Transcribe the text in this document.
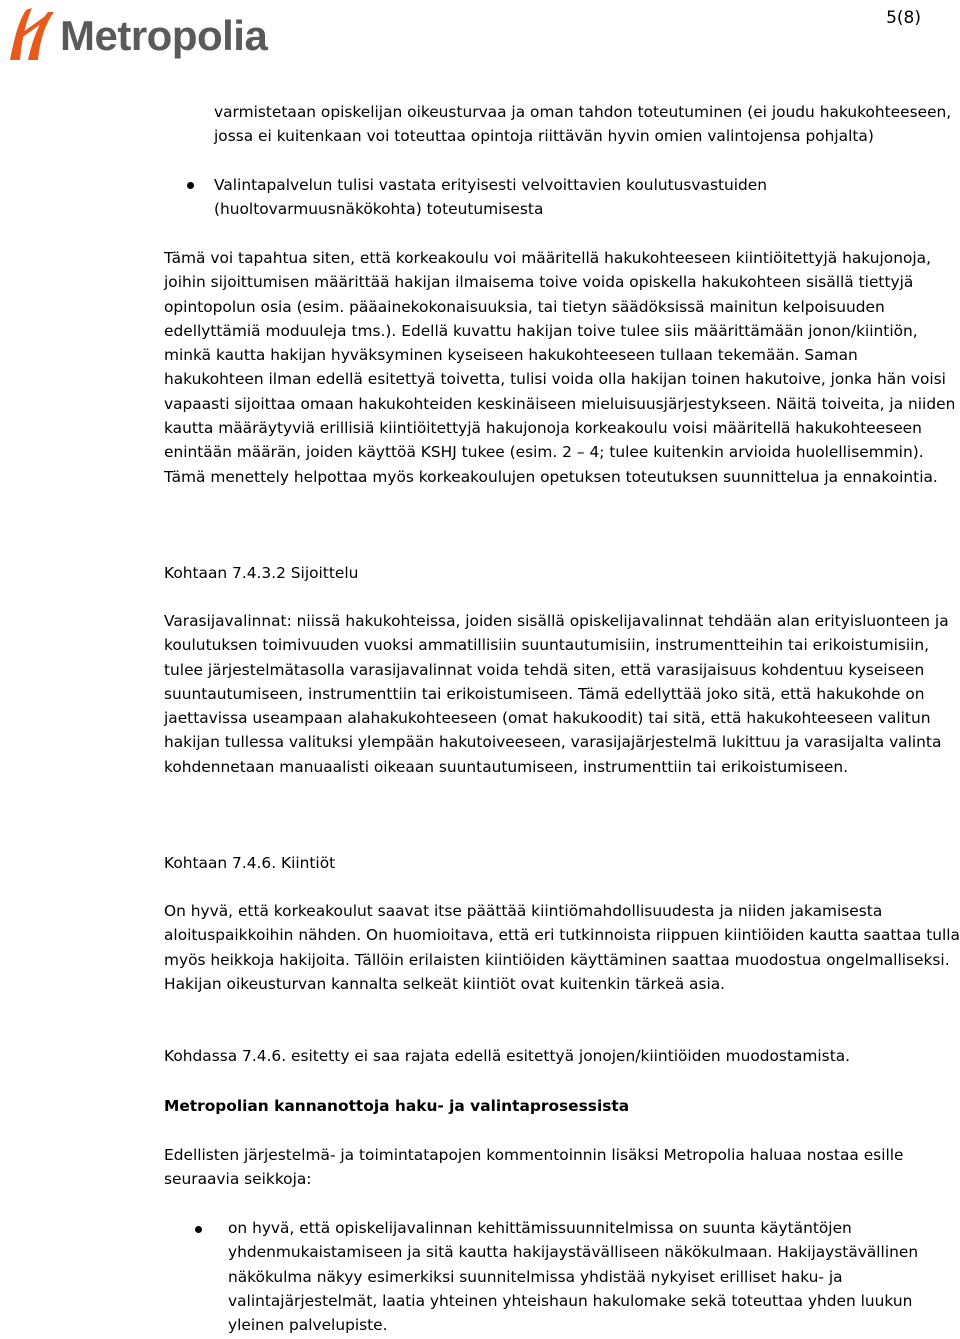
Metropolia	5(8)

varmistetaan opiskelijan oikeusturvaa ja oman tahdon toteutuminen (ei joudu hakukohteeseen, jossa ei kuitenkaan voi toteuttaa opintoja riittävän hyvin omien valintojensa pohjalta)

Valintapalvelun tulisi vastata erityisesti velvoittavien koulutusvastuiden (huoltovarmuusnäkökohta) toteutumisesta

Tämä voi tapahtua siten, että korkeakoulu voi määritellä hakukohteeseen kiintiöitettyjä hakujonoja, joihin sijoittumisen määrittää hakijan ilmaisema toive voida opiskella hakukohteen sisällä tiettyjä opintopolun osia (esim. pääainekokonaisuuksia, tai tietyn säädöksissä mainitun kelpoisuuden edellyttämiä moduuleja tms.). Edellä kuvattu hakijan toive tulee siis määrittämään jonon/kiintiön, minkä kautta hakijan hyväksyminen kyseiseen hakukohteeseen tullaan tekemään. Saman hakukohteen ilman edellä esitettyä toivetta, tulisi voida olla hakijan toinen hakutoive, jonka hän voisi vapaasti sijoittaa omaan hakukohteiden keskinäiseen mieluisuusjärjestykseen. Näitä toiveita, ja niiden kautta määräytyviä erillisiä kiintiöitettyjä hakujonoja korkeakoulu voisi määritellä hakukohteeseen enintään määrän, joiden käyttöä KSHJ tukee (esim. 2 – 4; tulee kuitenkin arvioida huolellisemmin). Tämä menettely helpottaa myös korkeakoulujen opetuksen toteutuksen suunnittelua ja ennakointia.

Kohtaan 7.4.3.2 Sijoittelu

Varasijavalinnat: niissä hakukohteissa, joiden sisällä opiskelijavalinnat tehdään alan erityisluonteen ja koulutuksen toimivuuden vuoksi ammatillisiin suuntautumisiin, instrumentteihin tai erikoistumisiin, tulee järjestelmätasolla varasijavalinnat voida tehdä siten, että varasijaisuus kohdentuu kyseiseen suuntautumiseen, instrumenttiin tai erikoistumiseen. Tämä edellyttää joko sitä, että hakukohde on jaettavissa useampaan alahakukohteeseen (omat hakukoodit) tai sitä, että hakukohteeseen valitun hakijan tullessa valituksi ylempään hakutoiveeseen, varasijajärjestelmä lukittuu ja varasijalta valinta kohdennetaan manuaalisti oikeaan suuntautumiseen, instrumenttiin tai erikoistumiseen.

Kohtaan 7.4.6. Kiintiöt

On hyvä, että korkeakoulut saavat itse päättää kiintiömahdollisuudesta ja niiden jakamisesta aloituspaikkoihin nähden. On huomioitava, että eri tutkinnoista riippuen kiintiöiden kautta saattaa tulla myös heikkoja hakijoita. Tällöin erilaisten kiintiöiden käyttäminen saattaa muodostua ongelmalliseksi. Hakijan oikeusturvan kannalta selkeät kiintiöt ovat kuitenkin tärkeä asia.

Kohdassa 7.4.6. esitetty ei saa rajata edellä esitettyä jonojen/kiintiöiden muodostamista.

Metropolian kannanottoja haku- ja valintaprosessista

Edellisten järjestelmä- ja toimintatapojen kommentoinnin lisäksi Metropolia haluaa nostaa esille seuraavia seikkoja:

on hyvä, että opiskelijavalinnan kehittämissuunnitelmissa on suunta käytäntöjen yhdenmukaistamiseen ja sitä kautta hakijaystävälliseen näkökulmaan. Hakijaystävällinen näkökulma näkyy esimerkiksi suunnitelmissa yhdistää nykyiset erilliset haku- ja valintajärjestelmät, laatia yhteinen yhteishaun hakulomake sekä toteuttaa yhden luukun yleinen palvelupiste.
